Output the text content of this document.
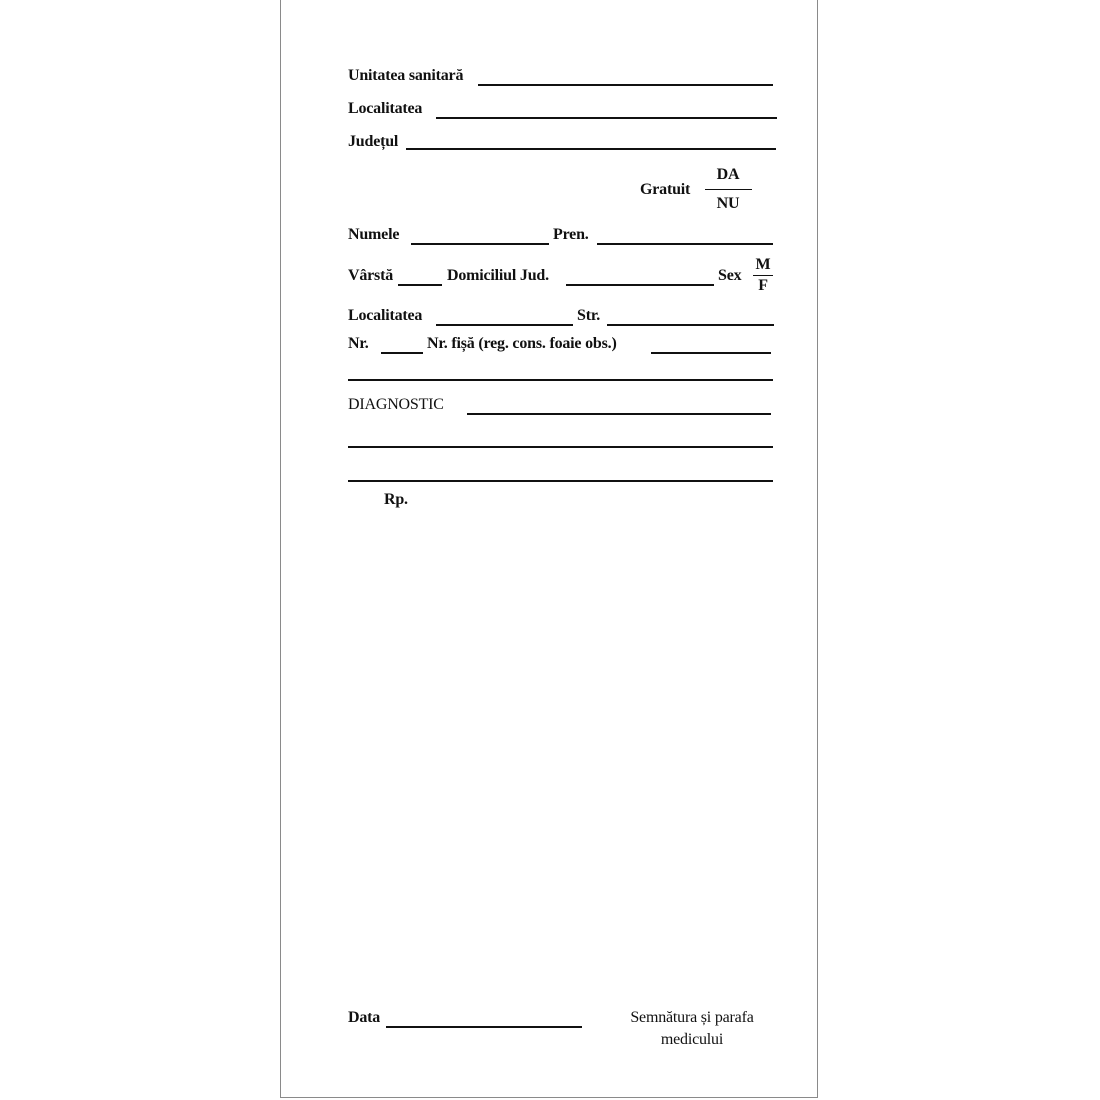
Unitatea sanitară
Localitatea
Județul
Gratuit
DA
NU
Numele	Pren.
Vârstă	Domiciliul Jud.	Sex
M
F
Localitatea	Str.
Nr.	Nr. fișă (reg. cons. foaie obs.)
DIAGNOSTIC
Rp.
Data	Semnătura și parafa
medicului
